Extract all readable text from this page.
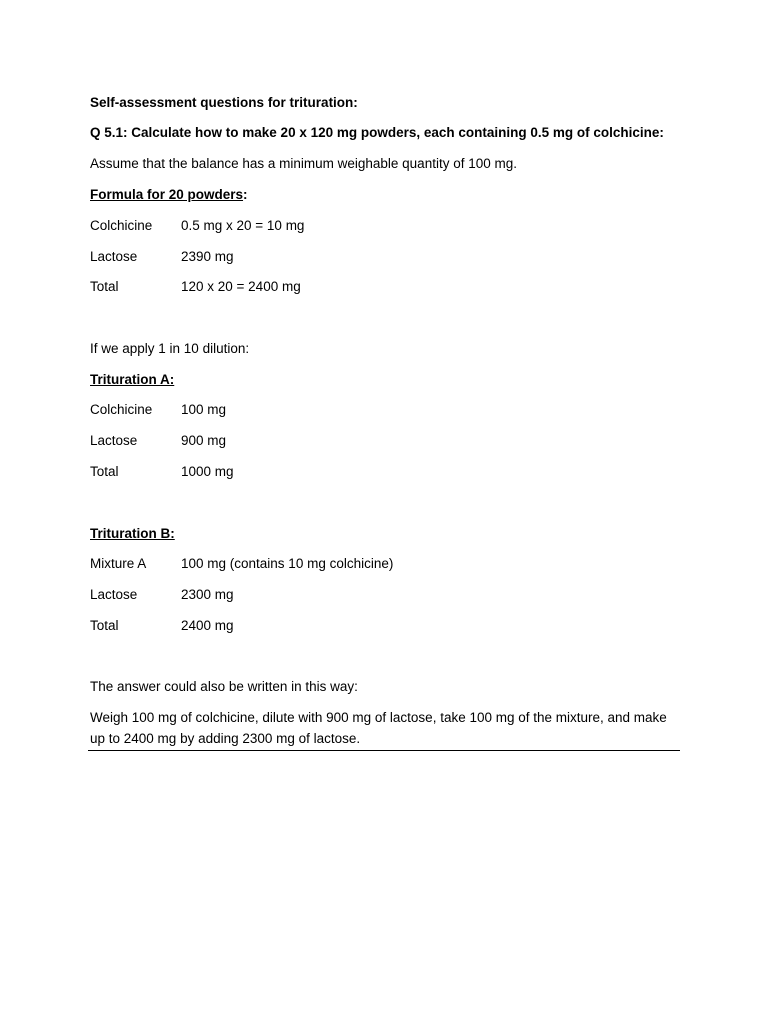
Self-assessment questions for trituration:
Q 5.1: Calculate how to make 20 x 120 mg powders, each containing 0.5 mg of colchicine:
Assume that the balance has a minimum weighable quantity of 100 mg.
Formula for 20 powders:
Colchicine 0.5 mg x 20 = 10 mg
Lactose	2390 mg
Total	120 x 20 = 2400 mg
If we apply 1 in 10 dilution:
Trituration A:
Colchicine 100 mg
Lactose	900 mg
Total	1000 mg
Trituration B:
Mixture A	100 mg (contains 10 mg colchicine)
Lactose	2300 mg
Total	2400 mg
The answer could also be written in this way:
Weigh 100 mg of colchicine, dilute with 900 mg of lactose, take 100 mg of the mixture, and make up to 2400 mg by adding 2300 mg of lactose.
